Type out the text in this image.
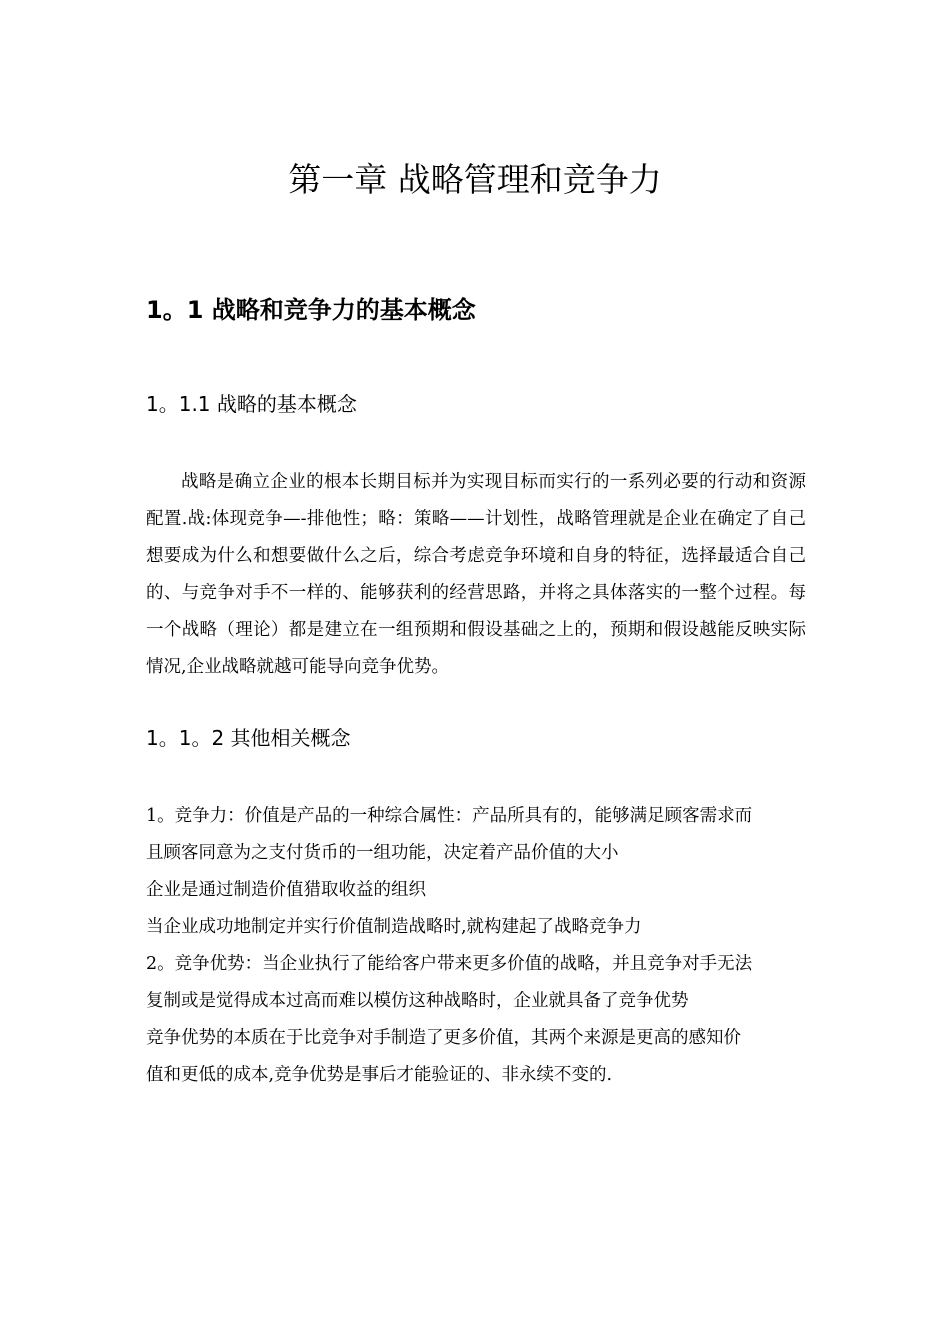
第一章 战略管理和竞争力
1。1 战略和竞争力的基本概念
1。1.1 战略的基本概念

战略是确立企业的根本长期目标并为实现目标而实行的一系列必要的行动和资源配置.战:体现竞争—-排他性；略：策略——计划性，战略管理就是企业在确定了自己想要成为什么和想要做什么之后，综合考虑竞争环境和自身的特征，选择最适合自己的、与竞争对手不一样的、能够获利的经营思路，并将之具体落实的一整个过程。每一个战略（理论）都是建立在一组预期和假设基础之上的，预期和假设越能反映实际情况,企业战略就越可能导向竞争优势。

1。1。2 其他相关概念

1。竞争力：价值是产品的一种综合属性：产品所具有的，能够满足顾客需求而

且顾客同意为之支付货币的一组功能，决定着产品价值的大小

企业是通过制造价值猎取收益的组织

当企业成功地制定并实行价值制造战略时,就构建起了战略竞争力

2。竞争优势：当企业执行了能给客户带来更多价值的战略，并且竞争对手无法

复制或是觉得成本过高而难以模仿这种战略时，企业就具备了竞争优势

竞争优势的本质在于比竞争对手制造了更多价值，其两个来源是更高的感知价

值和更低的成本,竞争优势是事后才能验证的、非永续不变的.
